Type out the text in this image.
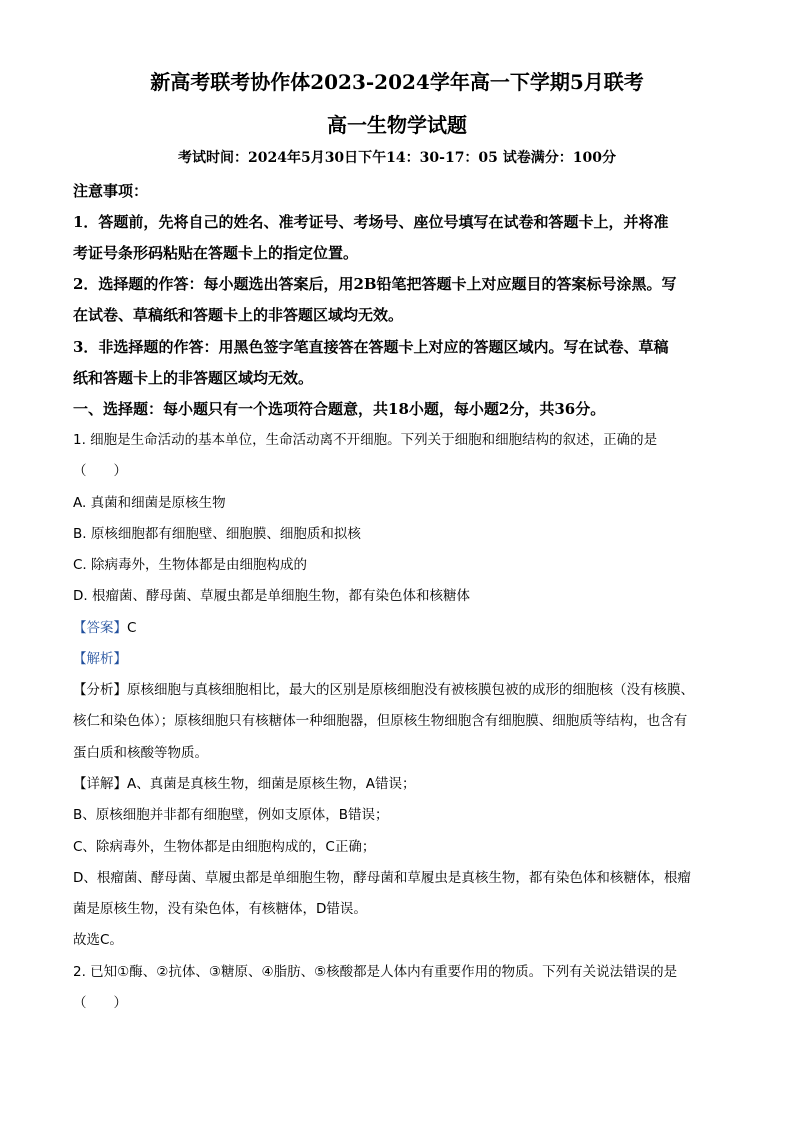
新高考联考协作体2023-2024学年高一下学期5月联考
高一生物学试题
考试时间：2024年5月30日下午14：30-17：05 试卷满分：100分
注意事项：
1．答题前，先将自己的姓名、准考证号、考场号、座位号填写在试卷和答题卡上，并将准
考证号条形码粘贴在答题卡上的指定位置。
2．选择题的作答：每小题选出答案后，用2B铅笔把答题卡上对应题目的答案标号涂黑。写
在试卷、草稿纸和答题卡上的非答题区域均无效。
3．非选择题的作答：用黑色签字笔直接答在答题卡上对应的答题区域内。写在试卷、草稿
纸和答题卡上的非答题区域均无效。
一、选择题：每小题只有一个选项符合题意，共18小题，每小题2分，共36分。
1. 细胞是生命活动的基本单位，生命活动离不开细胞。下列关于细胞和细胞结构的叙述，正确的是
（　　）
A. 真菌和细菌是原核生物
B. 原核细胞都有细胞壁、细胞膜、细胞质和拟核
C. 除病毒外，生物体都是由细胞构成的
D. 根瘤菌、酵母菌、草履虫都是单细胞生物，都有染色体和核糖体
【答案】C
【解析】
【分析】原核细胞与真核细胞相比，最大的区别是原核细胞没有被核膜包被的成形的细胞核（没有核膜、
核仁和染色体）；原核细胞只有核糖体一种细胞器，但原核生物细胞含有细胞膜、细胞质等结构，也含有
蛋白质和核酸等物质。
【详解】A、真菌是真核生物，细菌是原核生物，A错误；
B、原核细胞并非都有细胞壁，例如支原体，B错误；
C、除病毒外，生物体都是由细胞构成的，C正确；
D、根瘤菌、酵母菌、草履虫都是单细胞生物，酵母菌和草履虫是真核生物，都有染色体和核糖体，根瘤
菌是原核生物，没有染色体，有核糖体，D错误。
故选C。
2. 已知①酶、②抗体、③糖原、④脂肪、⑤核酸都是人体内有重要作用的物质。下列有关说法错误的是
（　　）
